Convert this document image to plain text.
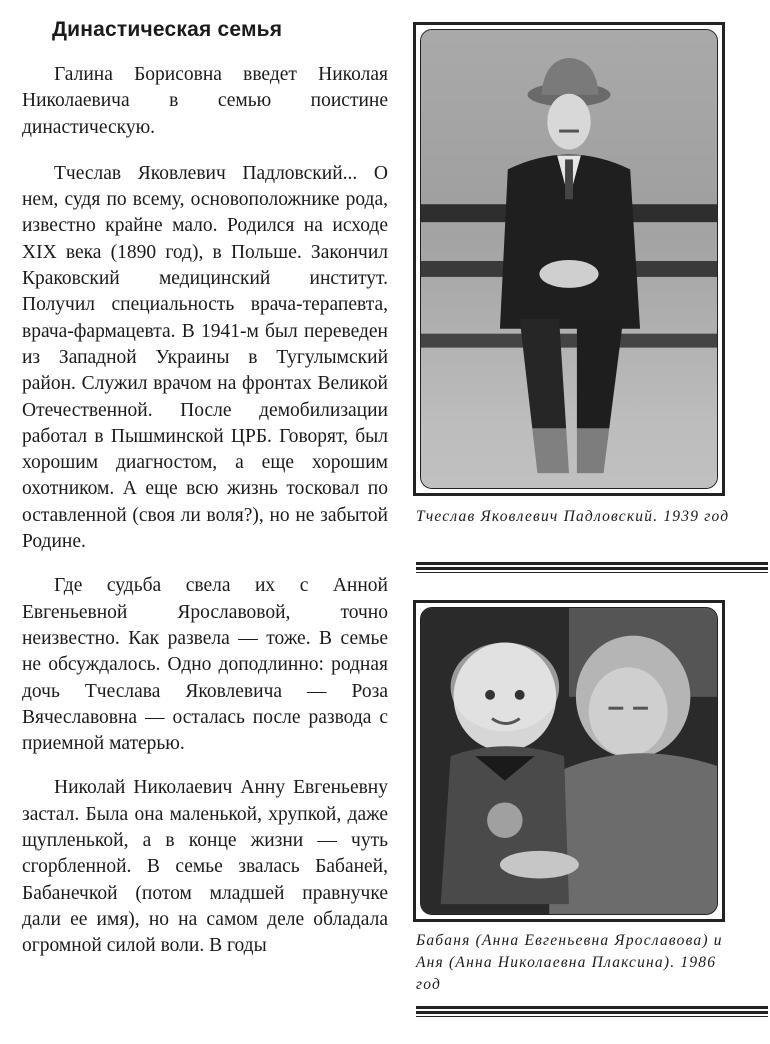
Династическая семья

Галина Борисовна введет Николая Николаевича в семью поистине династическую.

Тчеслав Яковлевич Падловский... О нем, судя по всему, основоположнике рода, известно крайне мало. Родился на исходе XIX века (1890 год), в Польше. Закончил Краковский медицинский институт. Получил специальность врача-терапевта, врача-фармацевта. В 1941-м был переведен из Западной Украины в Тугулымский район. Служил врачом на фронтах Великой Отечественной. После демобилизации работал в Пышминской ЦРБ. Говорят, был хорошим диагностом, а еще хорошим охотником. А еще всю жизнь тосковал по оставленной (своя ли воля?), но не забытой Родине.

Где судьба свела их с Анной Евгеньевной Ярославовой, точно неизвестно. Как развела — тоже. В семье не обсуждалось. Одно доподлинно: родная дочь Тчеслава Яковлевича — Роза Вячеславовна — осталась после развода с приемной матерью.

Николай Николаевич Анну Евгеньевну застал. Была она маленькой, хрупкой, даже щупленькой, а в конце жизни — чуть сгорбленной. В семье звалась Бабаней, Бабанечкой (потом младшей правнучке дали ее имя), но на самом деле обладала огромной силой воли. В годы

Тчеслав Яковлевич Падловский. 1939 год
Бабаня (Анна Евгеньевна Ярославова) и Аня (Анна Николаевна Плаксина). 1986 год
